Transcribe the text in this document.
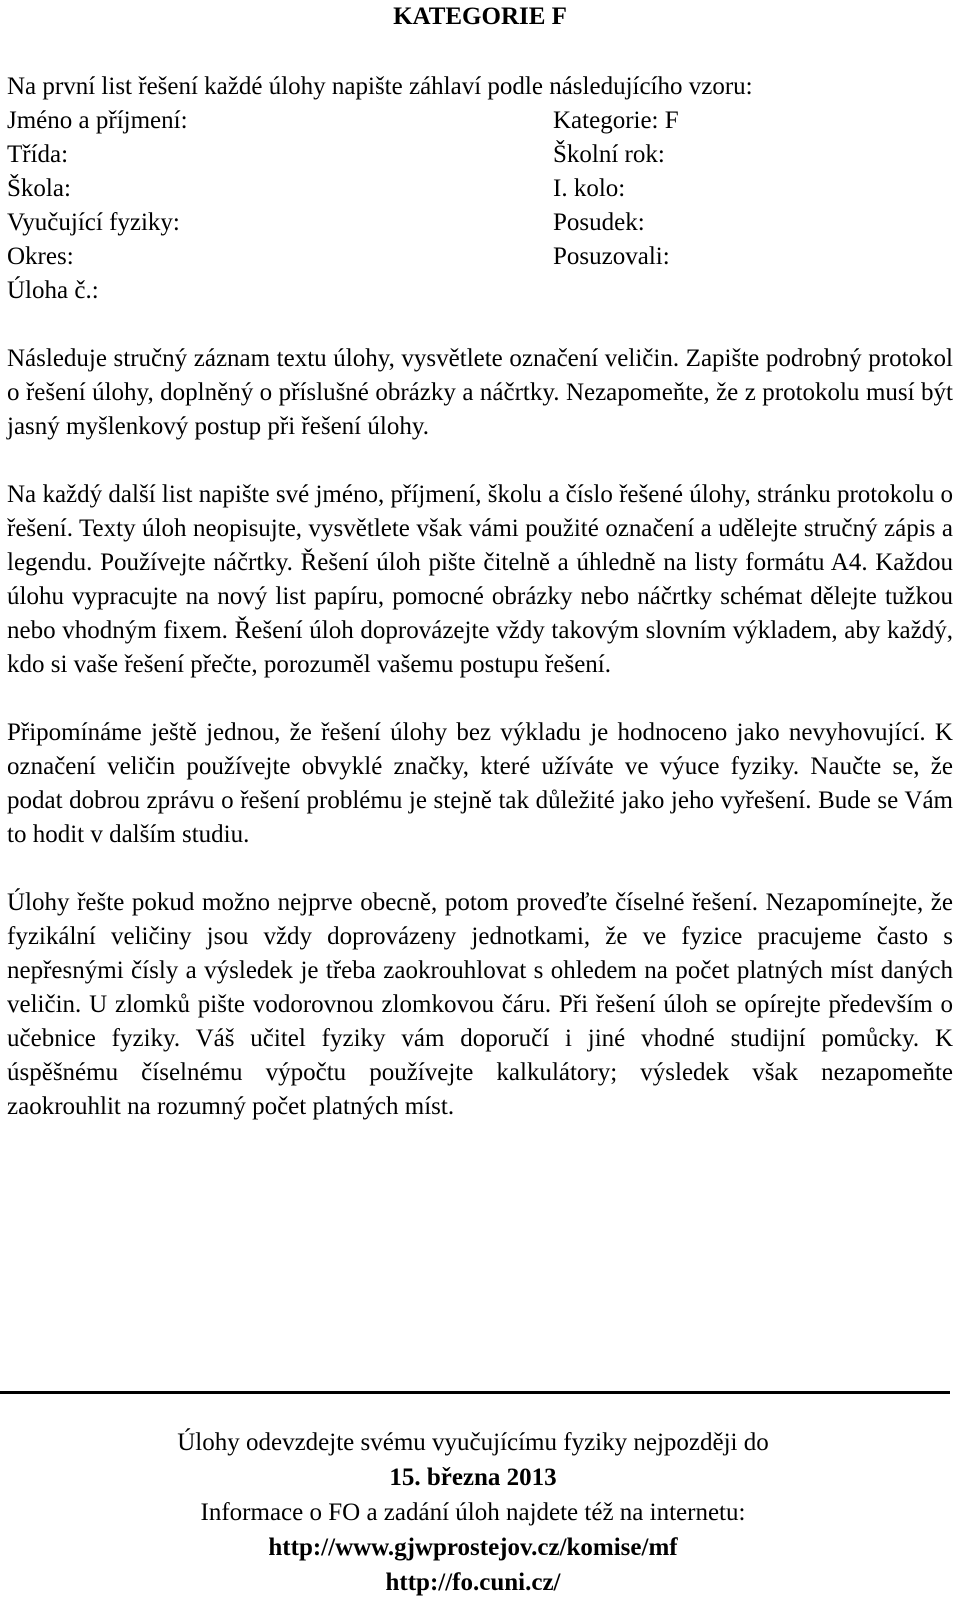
KATEGORIE F
Na první list řešení každé úlohy napište záhlaví podle následujícího vzoru:
Jméno a příjmení:	Kategorie: F
Třída:	Školní rok:
Škola:	I. kolo:
Vyučující fyziky:	Posudek:
Okres:	Posuzovali:
Úloha č.:

Následuje stručný záznam textu úlohy, vysvětlete označení veličin. Zapište podrobný protokol o řešení úlohy, doplněný o příslušné obrázky a náčrtky. Nezapomeňte, že z protokolu musí být jasný myšlenkový postup při řešení úlohy.

Na každý další list napište své jméno, příjmení, školu a číslo řešené úlohy, stránku protokolu o řešení. Texty úloh neopisujte, vysvětlete však vámi použité označení a udělejte stručný zápis a legendu. Používejte náčrtky. Řešení úloh pište čitelně a úhledně na listy formátu A4. Každou úlohu vypracujte na nový list papíru, pomocné obrázky nebo náčrtky schémat dělejte tužkou nebo vhodným fixem. Řešení úloh doprovázejte vždy takovým slovním výkladem, aby každý, kdo si vaše řešení přečte, porozuměl vašemu postupu řešení.

Připomínáme ještě jednou, že řešení úlohy bez výkladu je hodnoceno jako nevyhovující. K označení veličin používejte obvyklé značky, které užíváte ve výuce fyziky. Naučte se, že podat dobrou zprávu o řešení problému je stejně tak důležité jako jeho vyřešení. Bude se Vám to hodit v dalším studiu.

Úlohy řešte pokud možno nejprve obecně, potom proveďte číselné řešení. Nezapomínejte, že fyzikální veličiny jsou vždy doprovázeny jednotkami, že ve fyzice pracujeme často s nepřesnými čísly a výsledek je třeba zaokrouhlovat s ohledem na počet platných míst daných veličin. U zlomků pište vodorovnou zlomkovou čáru. Při řešení úloh se opírejte především o učebnice fyziky. Váš učitel fyziky vám doporučí i jiné vhodné studijní pomůcky. K úspěšnému číselnému výpočtu používejte kalkulátory; výsledek však nezapomeňte zaokrouhlit na rozumný počet platných míst.

Úlohy odevzdejte svému vyučujícímu fyziky nejpozději do
15. března 2013
Informace o FO a zadání úloh najdete též na internetu:
http://www.gjwprostejov.cz/komise/mf
http://fo.cuni.cz/
